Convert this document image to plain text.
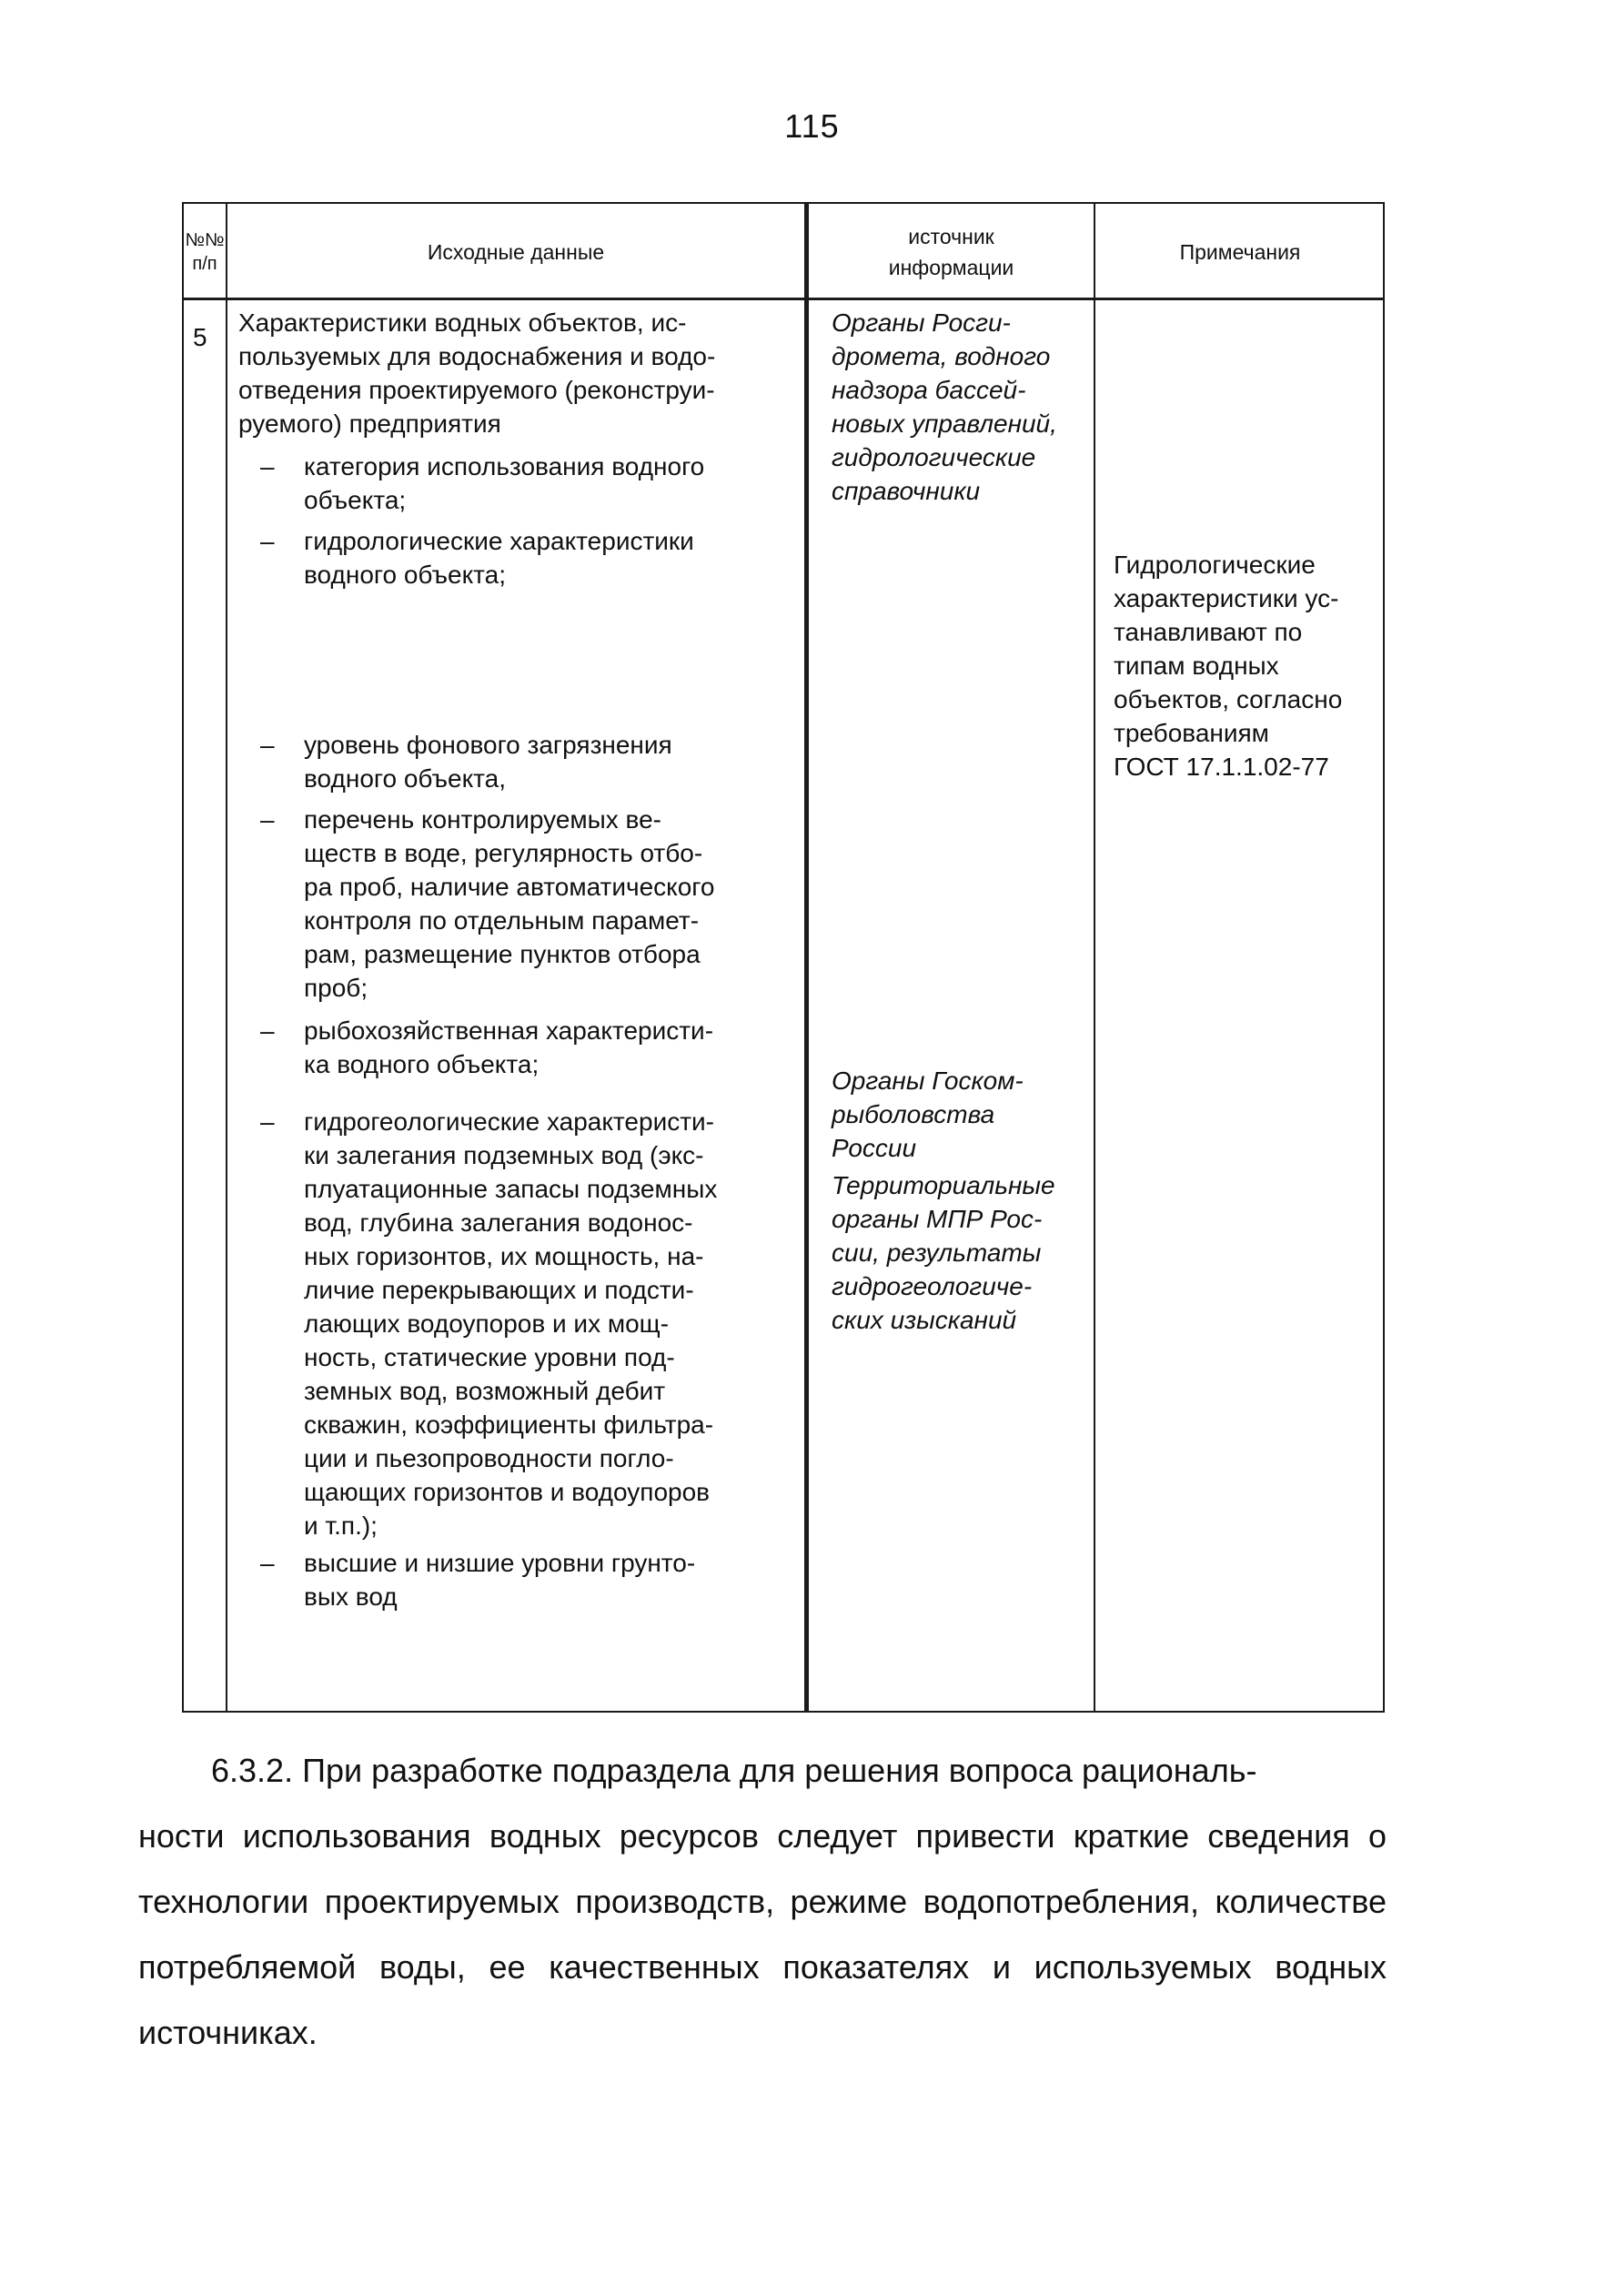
115
№№
п/п	Исходные данные
источник
информации
Примечания
5

Характеристики водных объектов, ис-
пользуемых для водоснабжения и водо-
отведения проектируемого (реконструи-
руемого) предприятия

– категория использования водного
объекта;
– гидрологические характеристики
водного объекта;
– уровень фонового загрязнения
водного объекта,
– перечень контролируемых ве-
ществ в воде, регулярность отбо-
ра проб, наличие автоматического
контроля по отдельным парамет-
рам, размещение пунктов отбора
проб;
– рыбохозяйственная характеристи-
ка водного объекта;
– гидрогеологические характеристи-
ки залегания подземных вод (экс-
плуатационные запасы подземных
вод, глубина залегания водонос-
ных горизонтов, их мощность, на-
личие перекрывающих и подсти-
лающих водоупоров и их мощ-
ность, статические уровни под-
земных вод, возможный дебит
скважин, коэффициенты фильтра-
ции и пьезопроводности погло-
щающих горизонтов и водоупоров
и т.п.);
– высшие и низшие уровни грунто-
вых вод
Органы Росги-
дромета, водного
надзора бассей-
новых управлений,
гидрологические
справочники
Органы Госком-
рыболовства
России
Территориальные
органы МПР Рос-
сии, результаты
гидрогеологиче-
ских изысканий
Гидрологические
характеристики ус-
танавливают по
типам водных
объектов, согласно
требованиям
ГОСТ 17.1.1.02-77
6.3.2. При разработке подраздела для решения вопроса рациональ-
ности использования водных ресурсов следует привести краткие сведения о технологии проектируемых производств, режиме водопотребления, количестве потребляемой воды, ее качественных показателях и используемых водных источниках.
